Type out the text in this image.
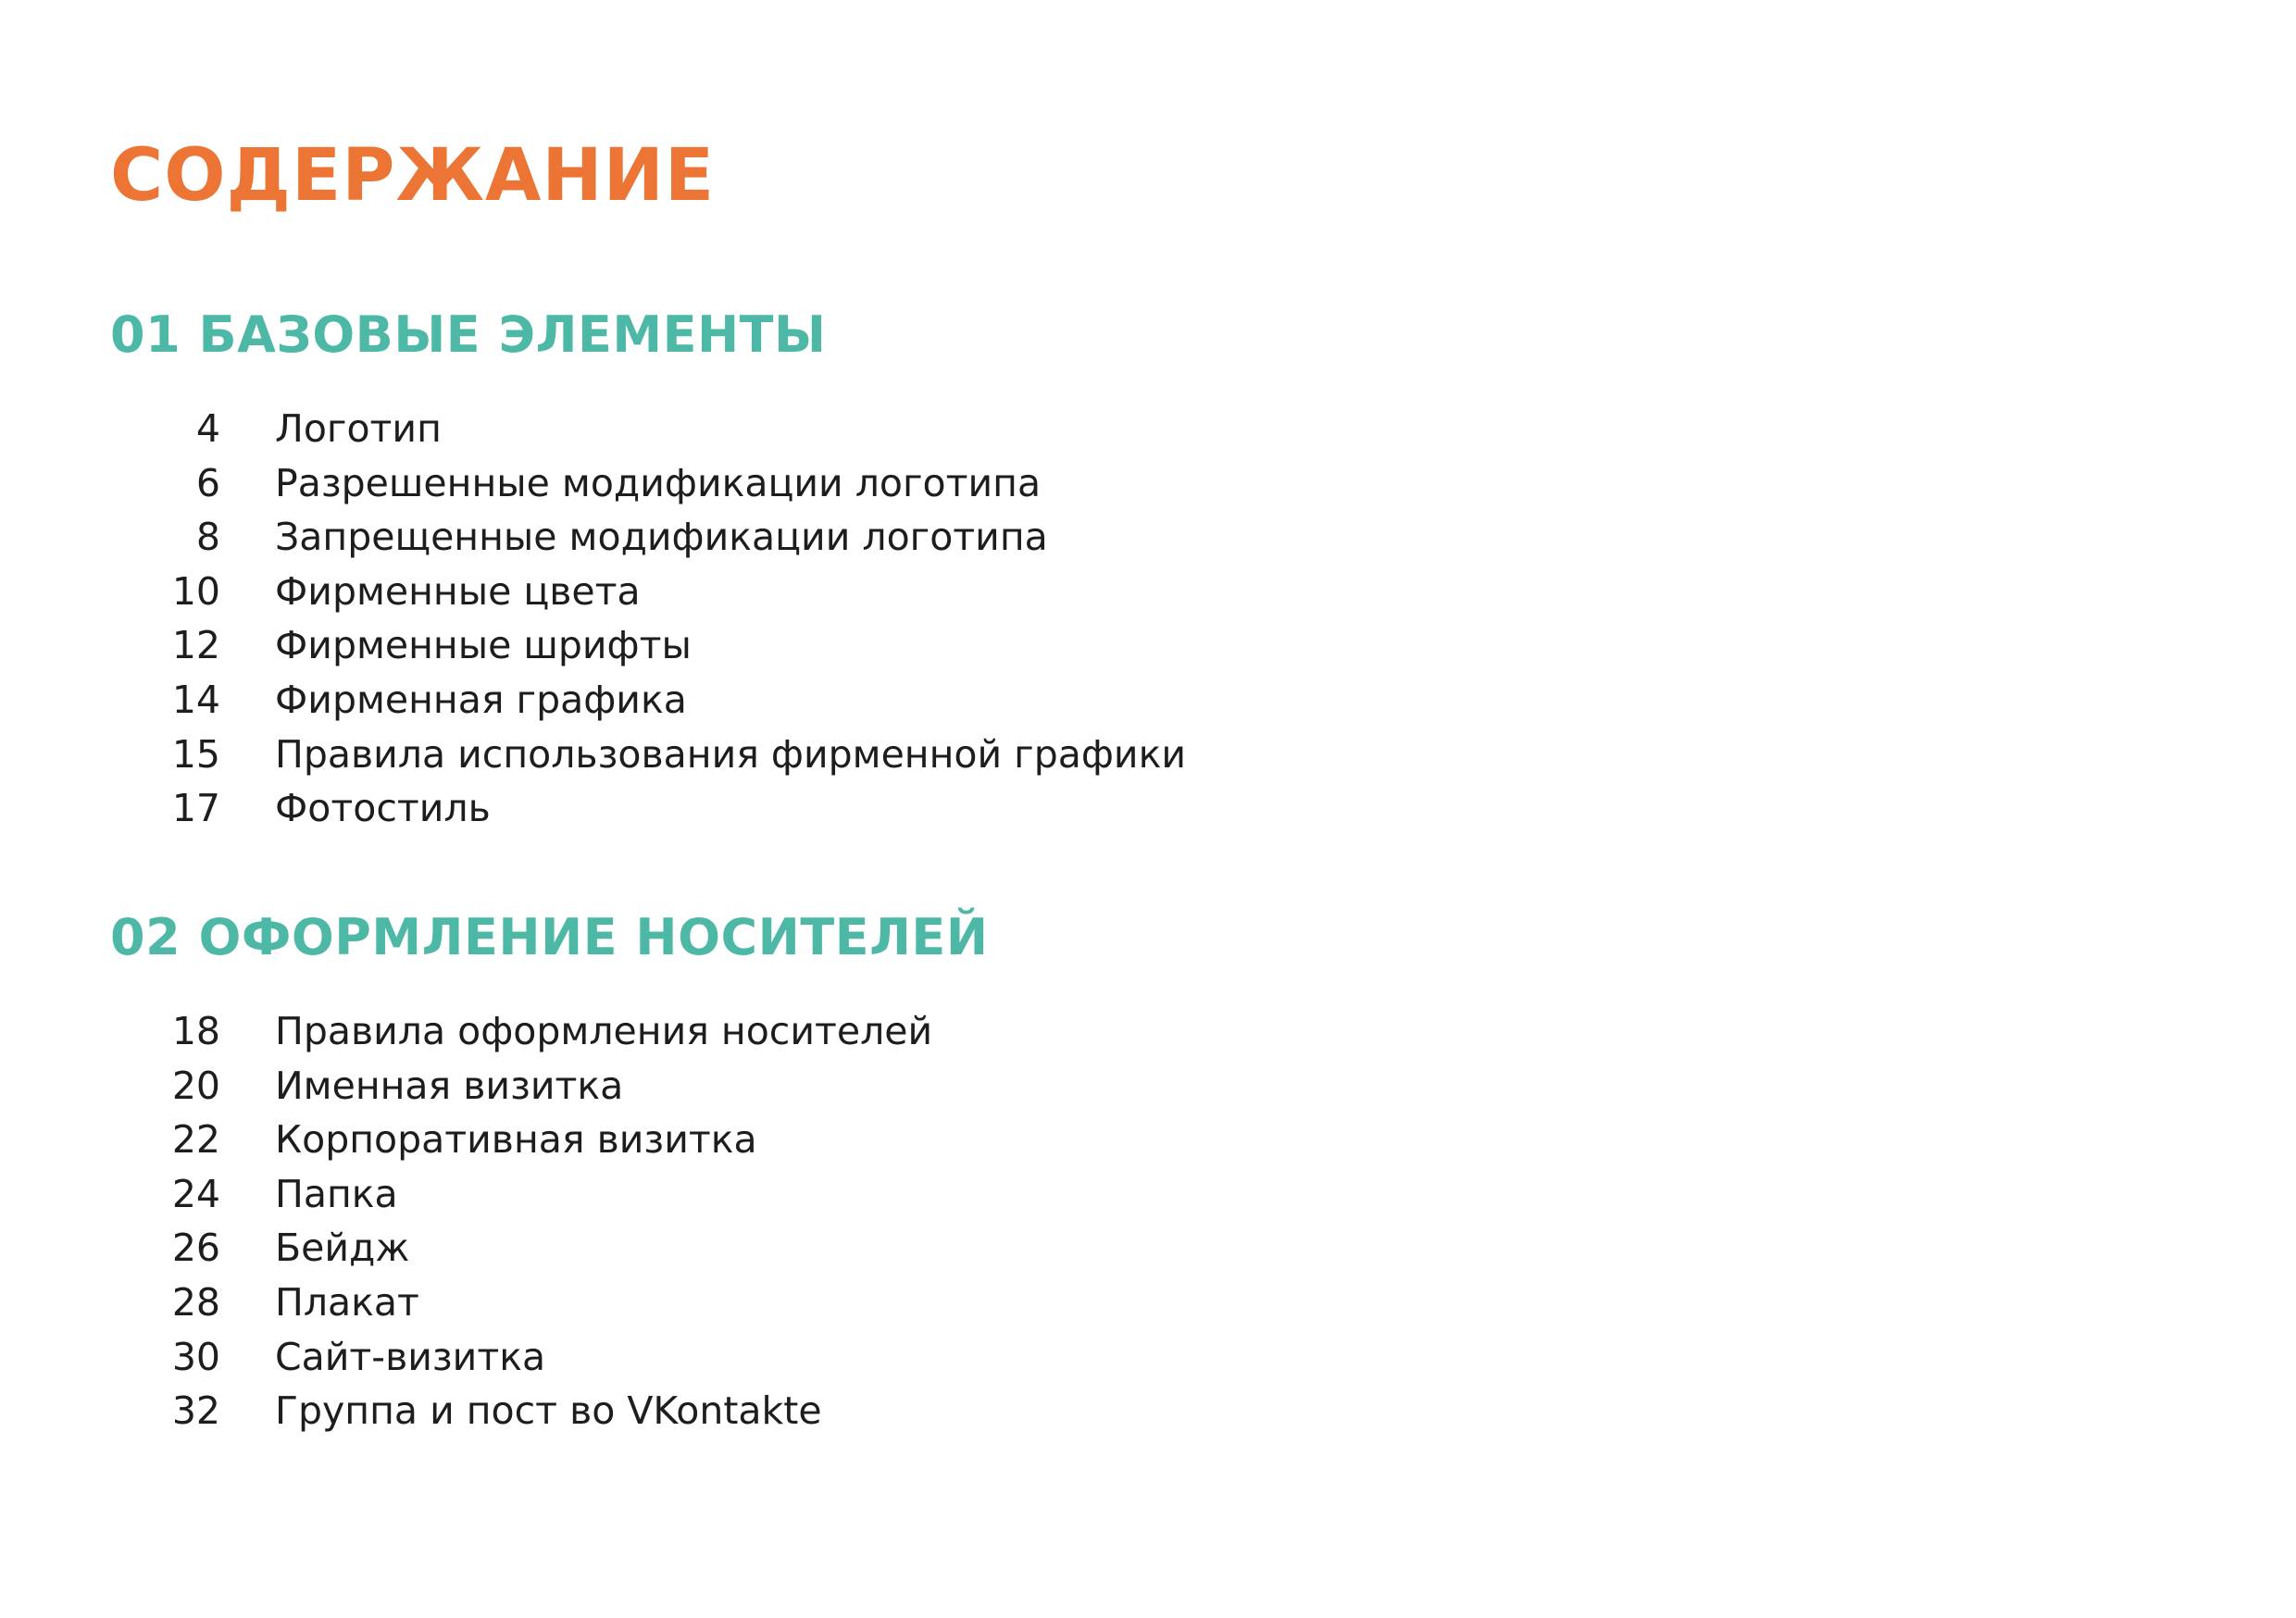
СОДЕРЖАНИЕ
01 БАЗОВЫЕ ЭЛЕМЕНТЫ
4 Логотип
6 Разрешенные модификации логотипа
8 Запрещенные модификации логотипа
10 Фирменные цвета
12 Фирменные шрифты
14 Фирменная графика
15 Правила использования фирменной графики
17 Фотостиль
02 ОФОРМЛЕНИЕ НОСИТЕЛЕЙ
18 Правила оформления носителей
20 Именная визитка
22 Корпоративная визитка
24 Папка
26 Бейдж
28 Плакат
30 Сайт-визитка
32 Группа и пост во VKontakte
